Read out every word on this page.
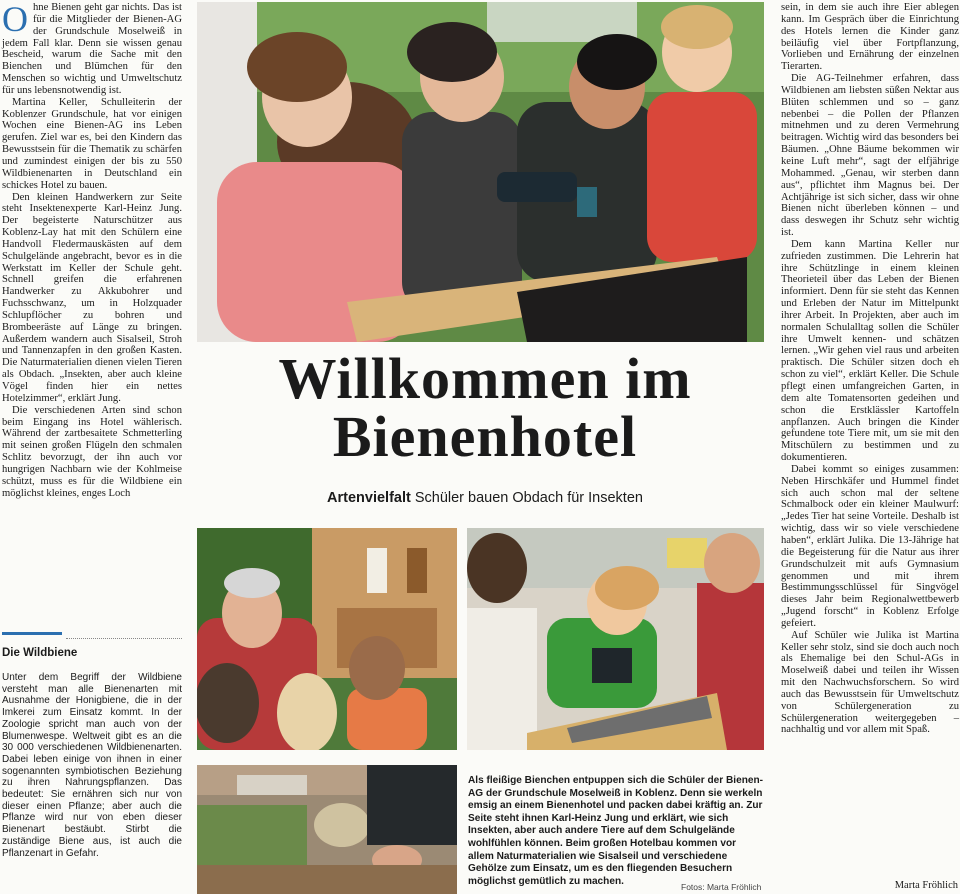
Ohne Bienen geht gar nichts. Das ist für die Mitglieder der Bienen-AG der Grundschule Moselweiß in jedem Fall klar. Denn sie wissen genau Bescheid, warum die Sache mit den Bienchen und Blümchen für den Menschen so wichtig und Umweltschutz für uns lebensnotwendig ist.

Martina Keller, Schulleiterin der Koblenzer Grundschule, hat vor einigen Wochen eine Bienen-AG ins Leben gerufen. Ziel war es, bei den Kindern das Bewusstsein für die Thematik zu schärfen und zumindest einigen der bis zu 550 Wildbienenarten in Deutschland ein schickes Hotel zu bauen.

Den kleinen Handwerkern zur Seite steht Insektenexperte Karl-Heinz Jung. Der begeisterte Naturschützer aus Koblenz-Lay hat mit den Schülern eine Handvoll Fledermauskästen auf dem Schulgelände angebracht, bevor es in die Werkstatt im Keller der Schule geht. Schnell greifen die erfahrenen Handwerker zu Akkubohrer und Fuchsschwanz, um in Holzquader Schlupflöcher zu bohren und Brombeeräste auf Länge zu bringen. Außerdem wandern auch Sisalseil, Stroh und Tannenzapfen in den großen Kasten. Die Naturmaterialien dienen vielen Tieren als Obdach. „Insekten, aber auch kleine Vögel finden hier ein nettes Hotelzimmer“, erklärt Jung.

Die verschiedenen Arten sind schon beim Eingang ins Hotel wählerisch. Während der zartbesaitete Schmetterling mit seinen großen Flügeln den schmalen Schlitz bevorzugt, der ihn auch vor hungrigen Nachbarn wie der Kohlmeise schützt, muss es für die Wildbiene ein möglichst kleines, enges Loch

Die Wildbiene
Unter dem Begriff der Wildbiene versteht man alle Bienenarten mit Ausnahme der Honigbiene, die in der Imkerei zum Einsatz kommt. In der Zoologie spricht man auch von der Blumenwespe. Weltweit gibt es an die 30 000 verschiedenen Wildbienenarten. Dabei leben einige von ihnen in einer sogenannten symbiotischen Beziehung zu ihren Nahrungspflanzen. Das bedeutet: Sie ernähren sich nur von dieser einen Pflanze; aber auch die Pflanze wird nur von eben dieser Bienenart bestäubt. Stirbt die zuständige Biene aus, ist auch die Pflanzenart in Gefahr.
Willkommen im
Bienenhotel
Artenvielfalt Schüler bauen Obdach für Insekten
Als fleißige Bienchen entpuppen sich die Schüler der Bienen-AG der Grundschule Moselweiß in Koblenz. Denn sie werkeln emsig an einem Bienenhotel und packen dabei kräftig an. Zur Seite steht ihnen Karl-Heinz Jung und erklärt, wie sich Insekten, aber auch andere Tiere auf dem Schulgelände wohlfühlen können. Beim großen Hotelbau kommen vor allem Naturmaterialien wie Sisalseil und verschiedene Gehölze zum Einsatz, um es den fliegenden Besuchern möglichst gemütlich zu machen.
Fotos: Marta Fröhlich

sein, in dem sie auch ihre Eier ablegen kann. Im Gespräch über die Einrichtung des Hotels lernen die Kinder ganz beiläufig viel über Fortpflanzung, Vorlieben und Ernährung der einzelnen Tierarten.

Die AG-Teilnehmer erfahren, dass Wildbienen am liebsten süßen Nektar aus Blüten schlemmen und so – ganz nebenbei – die Pollen der Pflanzen mitnehmen und zu deren Vermehrung beitragen. Wichtig wird das besonders bei Bäumen. „Ohne Bäume bekommen wir keine Luft mehr“, sagt der elfjährige Mohammed. „Genau, wir sterben dann aus“, pflichtet ihm Magnus bei. Der Achtjährige ist sich sicher, dass wir ohne Bienen nicht überleben können – und dass deswegen ihr Schutz sehr wichtig ist.

Dem kann Martina Keller nur zufrieden zustimmen. Die Lehrerin hat ihre Schützlinge in einem kleinen Theorieteil über das Leben der Bienen informiert. Denn für sie steht das Kennen und Erleben der Natur im Mittelpunkt ihrer Arbeit. In Projekten, aber auch im normalen Schulalltag sollen die Schüler ihre Umwelt kennen- und schätzen lernen. „Wir gehen viel raus und arbeiten praktisch. Die Schüler sitzen doch eh schon zu viel“, erklärt Keller. Die Schule pflegt einen umfangreichen Garten, in dem alte Tomatensorten gedeihen und schon die Erstklässler Kartoffeln anpflanzen. Auch bringen die Kinder gefundene tote Tiere mit, um sie mit den Mitschülern zu bestimmen und zu dokumentieren.

Dabei kommt so einiges zusammen: Neben Hirschkäfer und Hummel findet sich auch schon mal der seltene Schmalbock oder ein kleiner Maulwurf: „Jedes Tier hat seine Vorteile. Deshalb ist wichtig, dass wir so viele verschiedene haben“, erklärt Julika. Die 13-Jährige hat die Begeisterung für die Natur aus ihrer Grundschulzeit mit aufs Gymnasium genommen und mit ihrem Bestimmungsschlüssel für Singvögel dieses Jahr beim Regionalwettbewerb „Jugend forscht“ in Koblenz Erfolge gefeiert.

Auf Schüler wie Julika ist Martina Keller sehr stolz, sind sie doch auch noch als Ehemalige bei den Schul-AGs in Moselweiß dabei und teilen ihr Wissen mit den Nachwuchsforschern. So wird auch das Bewusstsein für Umweltschutz von Schülergeneration zu Schülergeneration weitergegeben – nachhaltig und vor allem mit Spaß.

Marta Fröhlich
